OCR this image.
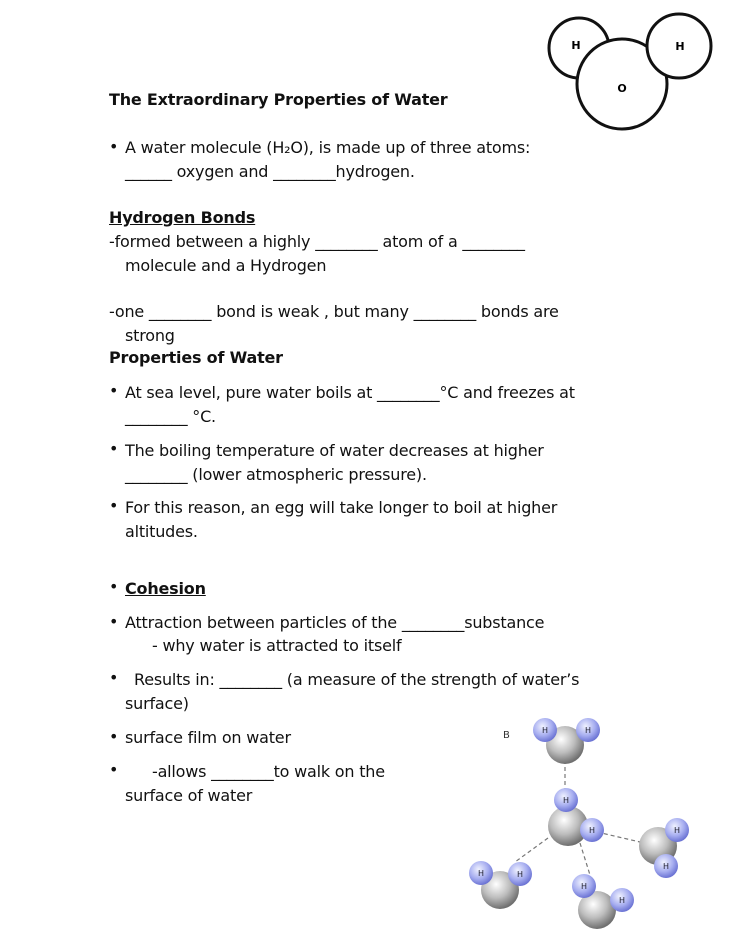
H	H
O
The Extraordinary Properties of Water
• A water molecule (H₂O), is made up of three atoms:
______ oxygen and ________hydrogen.
Hydrogen Bonds
-formed between a highly ________ atom of a ________
molecule and a Hydrogen
-one ________ bond is weak , but many ________ bonds are
strong
Properties of Water
• At sea level, pure water boils at ________°C and freezes at
________ °C.
• The boiling temperature of water decreases at higher
________ (lower atmospheric pressure).
• For this reason, an egg will take longer to boil at higher
altitudes.
• Cohesion
• Attraction between particles of the ________substance
- why water is attracted to itself
• Results in: ________ (a measure of the strength of water’s
surface)
• surface film on water
• -allows ________to walk on the
surface of water
B	H	H
H
H
H	H
H
H
H
H
